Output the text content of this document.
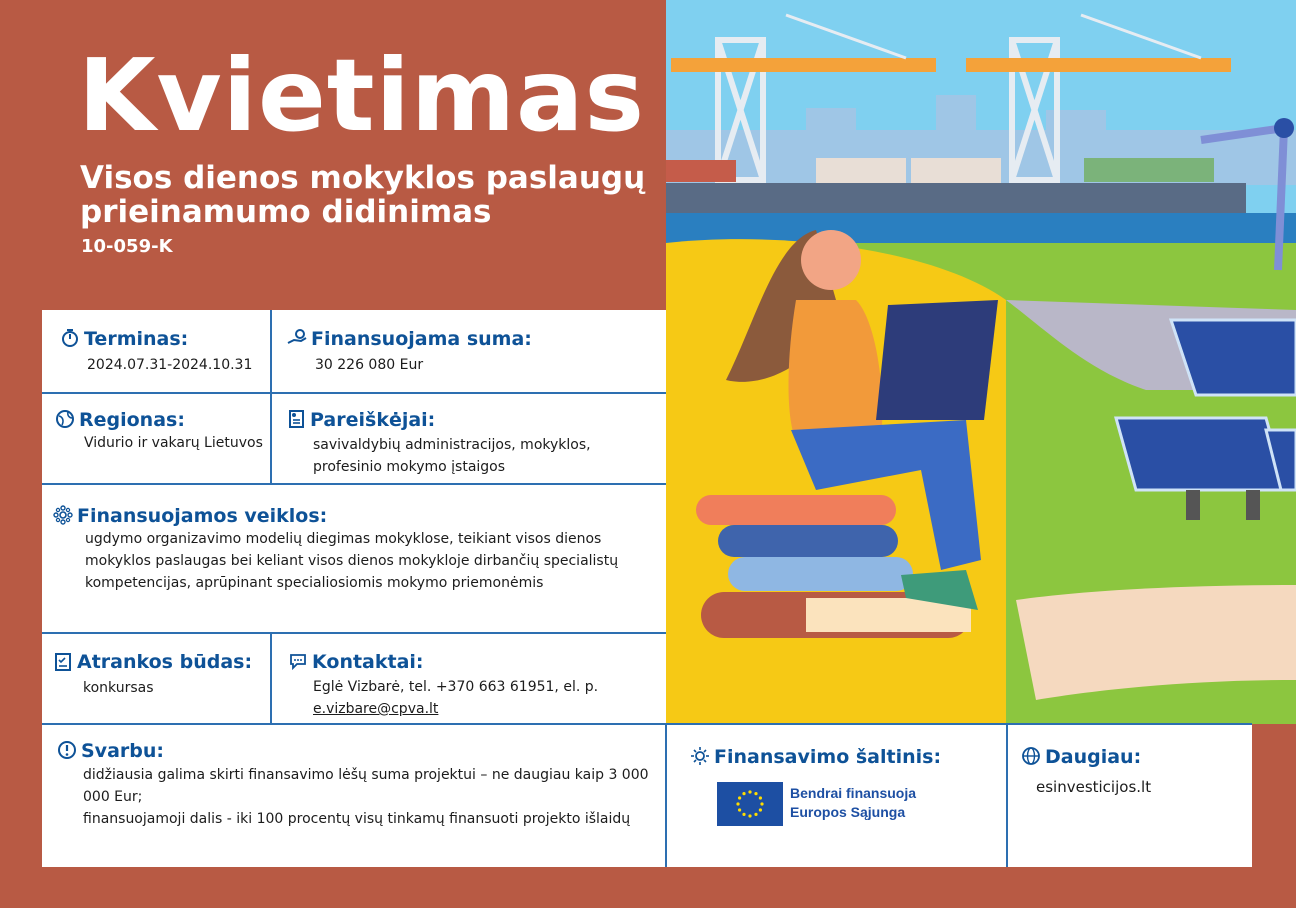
Kvietimas
Visos dienos mokyklos paslaugų
prieinamumo didinimas
10-059-K
Terminas:
2024.07.31-2024.10.31
Finansuojama suma:
30 226 080 Eur
Regionas:
Vidurio ir vakarų Lietuvos
Pareiškėjai:
savivaldybių administracijos, mokyklos,
profesinio mokymo įstaigos
Finansuojamos veiklos:
ugdymo organizavimo modelių diegimas mokyklose, teikiant visos dienos
mokyklos paslaugas bei keliant visos dienos mokykloje dirbančių specialistų
kompetencijas, aprūpinant specialiosiomis mokymo priemonėmis
Atrankos būdas:
konkursas
Kontaktai:
Eglė Vizbarė, tel. +370 663 61951, el. p.
e.vizbare@cpva.lt
Svarbu:
didžiausia galima skirti finansavimo lėšų suma projektui – ne daugiau kaip 3 000
000 Eur;
finansuojamoji dalis - iki 100 procentų visų tinkamų finansuoti projekto išlaidų
Finansavimo šaltinis:
Bendrai finansuoja
Europos Sąjunga
Daugiau:
esinvesticijos.lt
